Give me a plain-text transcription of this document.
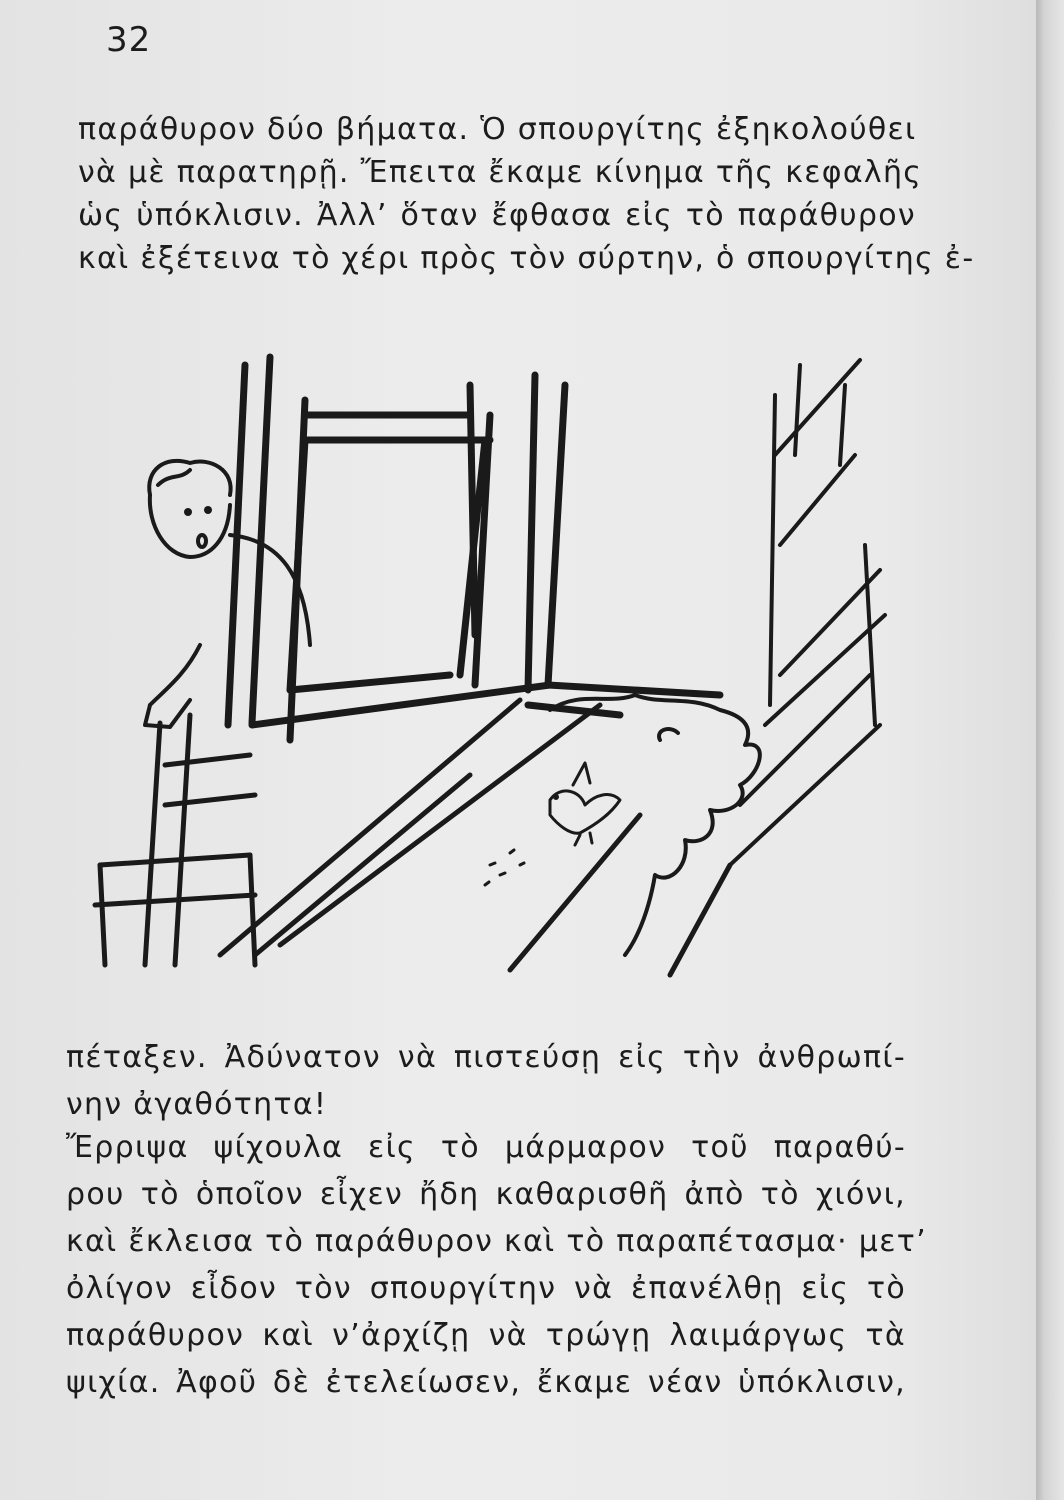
32

παράθυρον δύο βήματα. Ὁ σπουργίτης ἐξηκολούθει
νὰ μὲ παρατηρῇ. Ἔπειτα ἔκαμε κίνημα τῆς κεφαλῆς
ὡς ὑπόκλισιν. Ἀλλ’ ὅταν ἔφθασα εἰς τὸ παράθυρον
καὶ ἐξέτεινα τὸ χέρι πρὸς τὸν σύρτην, ὁ σπουργίτης ἐ-

πέταξεν. Ἀδύνατον νὰ πιστεύσῃ εἰς τὴν ἀνθρωπί-
νην ἀγαθότητα!

Ἔρριψα ψίχουλα εἰς τὸ μάρμαρον τοῦ παραθύ-
ρου τὸ ὁποῖον εἶχεν ἤδη καθαρισθῆ ἀπὸ τὸ χιόνι,
καὶ ἔκλεισα τὸ παράθυρον καὶ τὸ παραπέτασμα· μετ’
ὀλίγον εἶδον τὸν σπουργίτην νὰ ἐπανέλθῃ εἰς τὸ
παράθυρον καὶ ν’ἀρχίζῃ νὰ τρώγῃ λαιμάργως τὰ
ψιχία. Ἀφοῦ δὲ ἐτελείωσεν, ἔκαμε νέαν ὑπόκλισιν,
